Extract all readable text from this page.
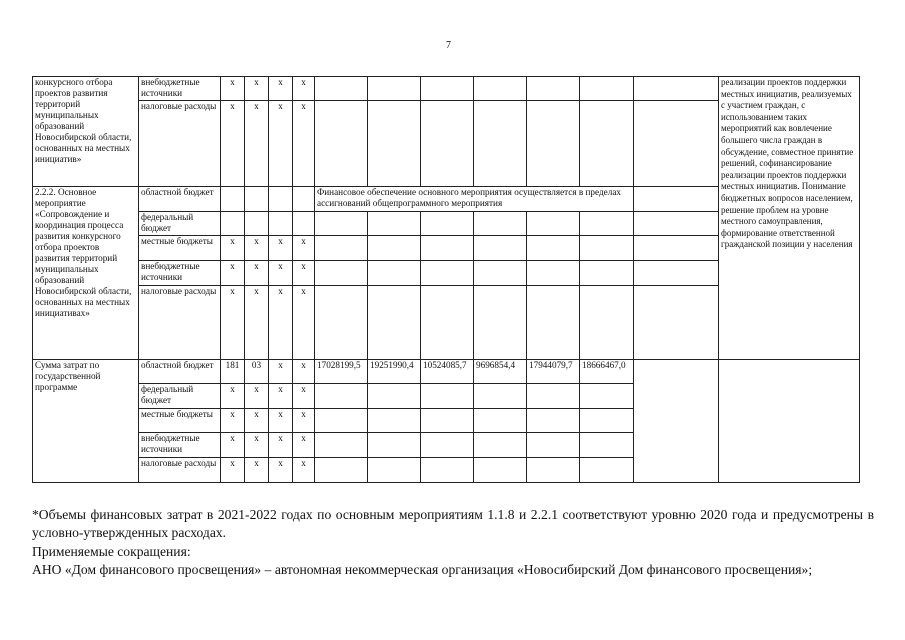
7
конкурсного отбора проектов развития территорий муниципальных образований Новосибирской области, основанных на местных инициатив»	внебюджетные источники	х	х	х	х								реализации проектов поддержки местных инициатив, реализуемых с участием граждан, с использованием таких мероприятий как вовлечение большего числа граждан в обсуждение, совместное принятие решений, софинансирование реализации проектов поддержки местных инициатив. Понимание бюджетных вопросов населением, решение проблем на уровне местного самоуправления, формирование ответственной гражданской позиции у населения
	налоговые расходы	х	х	х	х								
2.2.2. Основное мероприятие «Сопровождение и координация процесса развития конкурсного отбора проектов развития территорий муниципальных образований Новосибирской области, основанных на местных инициативах»	областной бюджет					Финансовое обеспечение основного мероприятия осуществляется в пределах ассигнований общепрограммного мероприятия							
	федеральный бюджет												
	местные бюджеты	х	х	х	х								
	внебюджетные источники	х	х	х	х								
	налоговые расходы	х	х	х	х								
Сумма затрат по государственной программе	областной бюджет	181	03	х	х	17028199,5	19251990,4	10524085,7	9696854,4	17944079,7	18666467,0		
	федеральный бюджет	х	х	х	х								
	местные бюджеты	х	х	х	х								
	внебюджетные источники	х	х	х	х								
	налоговые расходы	х	х	х	х								
*Объемы финансовых затрат в 2021-2022 годах по основным мероприятиям 1.1.8 и 2.2.1 соответствуют уровню 2020 года и предусмотрены в условно-утвержденных расходах.
Применяемые сокращения:
АНО «Дом финансового просвещения» – автономная некоммерческая организация «Новосибирский Дом финансового просвещения»;
